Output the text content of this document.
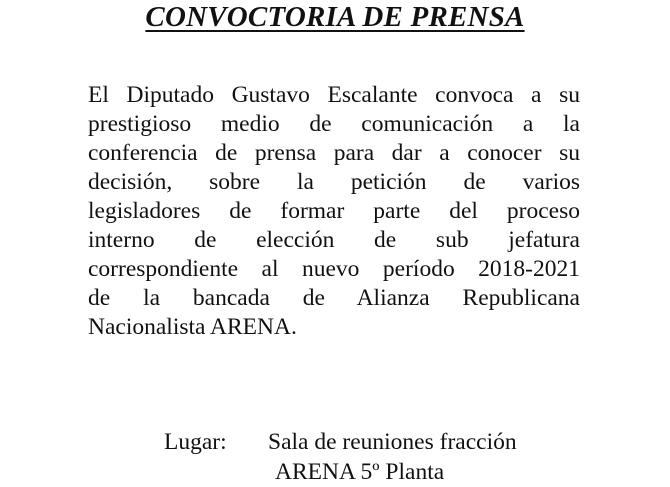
CONVOCTORIA DE PRENSA
El Diputado Gustavo Escalante convoca a su
prestigioso medio de comunicación a la
conferencia de prensa para dar a conocer su
decisión, sobre la petición de varios
legisladores de formar parte del proceso
interno de elección de sub jefatura
correspondiente al nuevo período 2018-2021
de la bancada de Alianza Republicana
Nacionalista ARENA.
Lugar: Sala de reuniones fracción
ARENA 5º Planta
